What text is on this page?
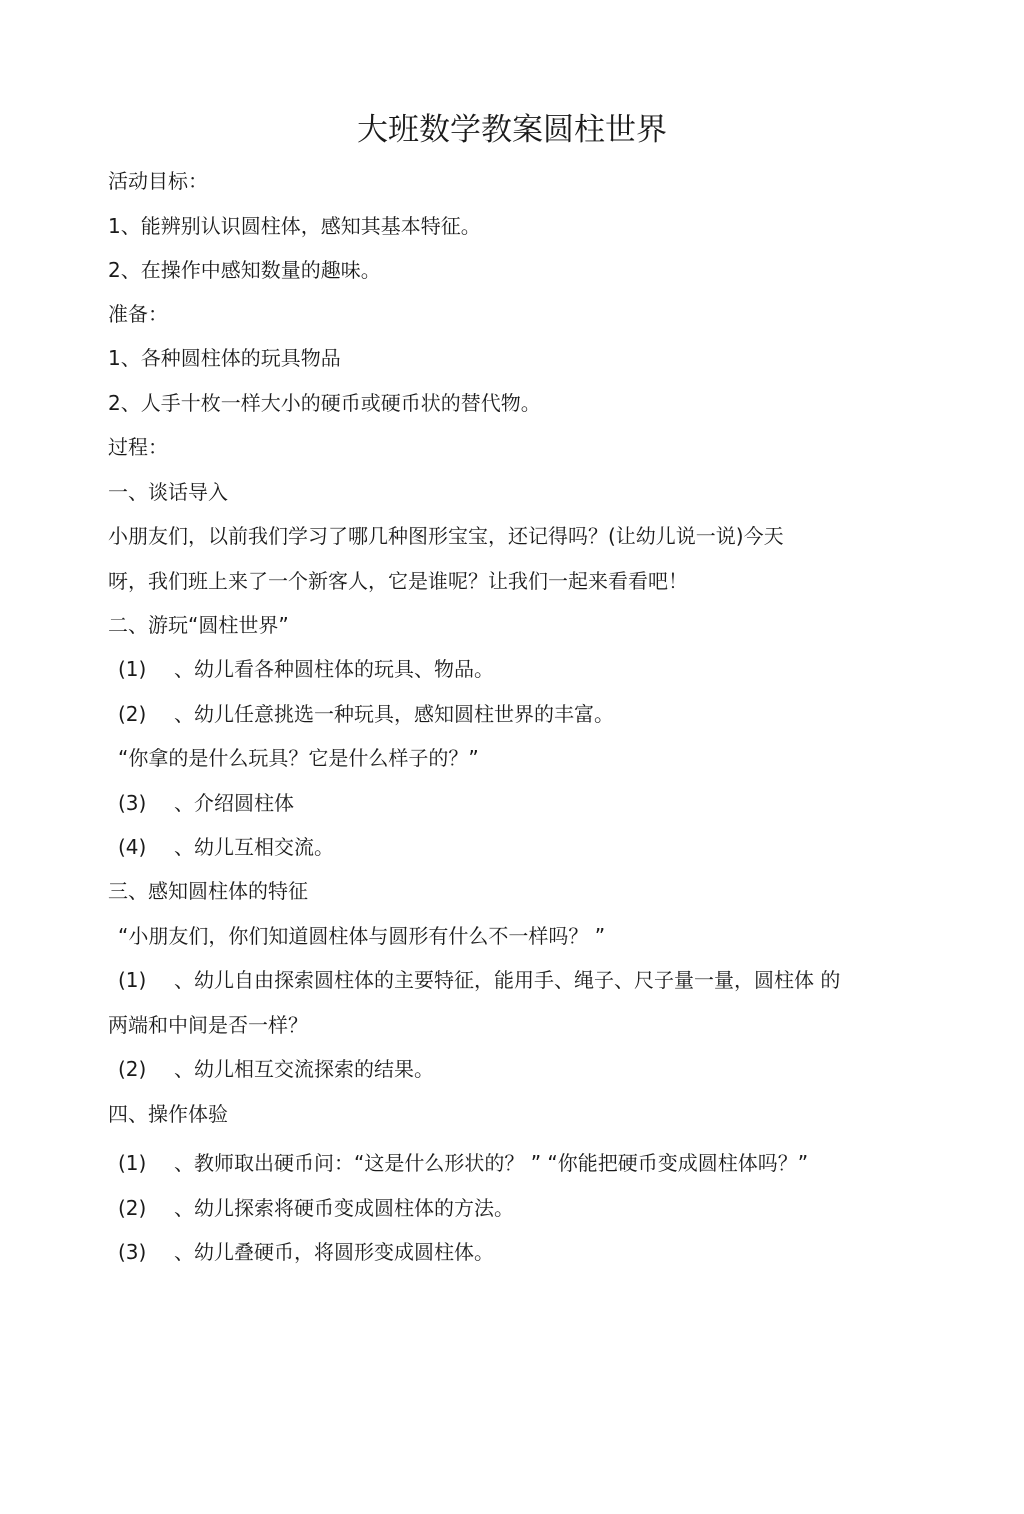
大班数学教案圆柱世界
活动目标：
1、能辨别认识圆柱体，感知其基本特征。
2、在操作中感知数量的趣味。
准备：
1、各种圆柱体的玩具物品
2、人手十枚一样大小的硬币或硬币状的替代物。
过程：
一、谈话导入
小朋友们，以前我们学习了哪几种图形宝宝，还记得吗？(让幼儿说一说)今天
呀，我们班上来了一个新客人，它是谁呢？让我们一起来看看吧！
二、游玩“圆柱世界”
(1) 、幼儿看各种圆柱体的玩具、物品。
(2) 、幼儿任意挑选一种玩具，感知圆柱世界的丰富。
“你拿的是什么玩具？它是什么样子的？”
(3) 、介绍圆柱体
(4) 、幼儿互相交流。
三、感知圆柱体的特征
“小朋友们，你们知道圆柱体与圆形有什么不一样吗？ ”
(1) 、幼儿自由探索圆柱体的主要特征，能用手、绳子、尺子量一量，圆柱体 的
两端和中间是否一样？
(2) 、幼儿相互交流探索的结果。
四、操作体验
(1) 、教师取出硬币问：“这是什么形状的？ ” “你能把硬币变成圆柱体吗？”
(2) 、幼儿探索将硬币变成圆柱体的方法。
(3) 、幼儿叠硬币，将圆形变成圆柱体。
